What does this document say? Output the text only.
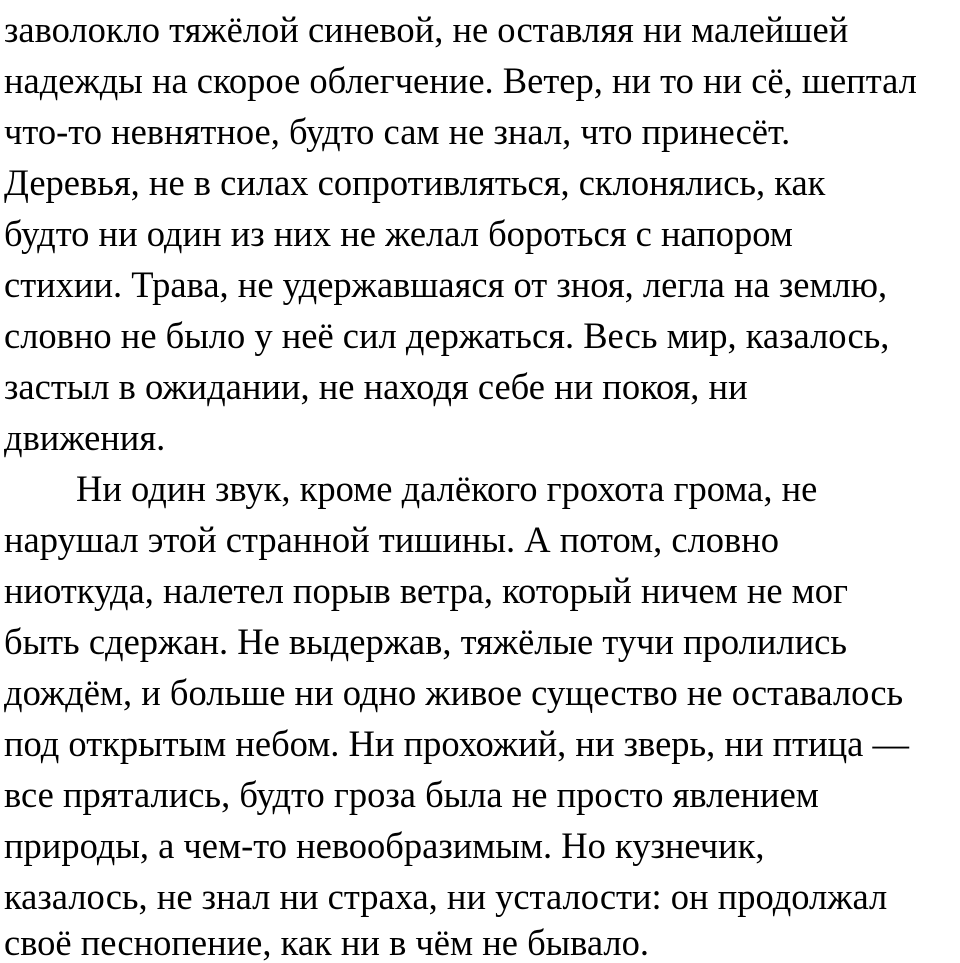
заволокло тяжёлой синевой, не оставляя ни малейшей
надежды на скорое облегчение. Ветер, ни то ни сё, шептал
что-то невнятное, будто сам не знал, что принесёт.
Деревья, не в силах сопротивляться, склонялись, как
будто ни один из них не желал бороться с напором
стихии. Трава, не удержавшаяся от зноя, легла на землю,
словно не было у неё сил держаться. Весь мир, казалось,
застыл в ожидании, не находя себе ни покоя, ни
движения.
Ни один звук, кроме далёкого грохота грома, не
нарушал этой странной тишины. А потом, словно
ниоткуда, налетел порыв ветра, который ничем не мог
быть сдержан. Не выдержав, тяжёлые тучи пролились
дождём, и больше ни одно живое существо не оставалось
под открытым небом. Ни прохожий, ни зверь, ни птица —
все прятались, будто гроза была не просто явлением
природы, а чем-то невообразимым. Но кузнечик,
казалось, не знал ни страха, ни усталости: он продолжал
своё песнопение, как ни в чём не бывало.
